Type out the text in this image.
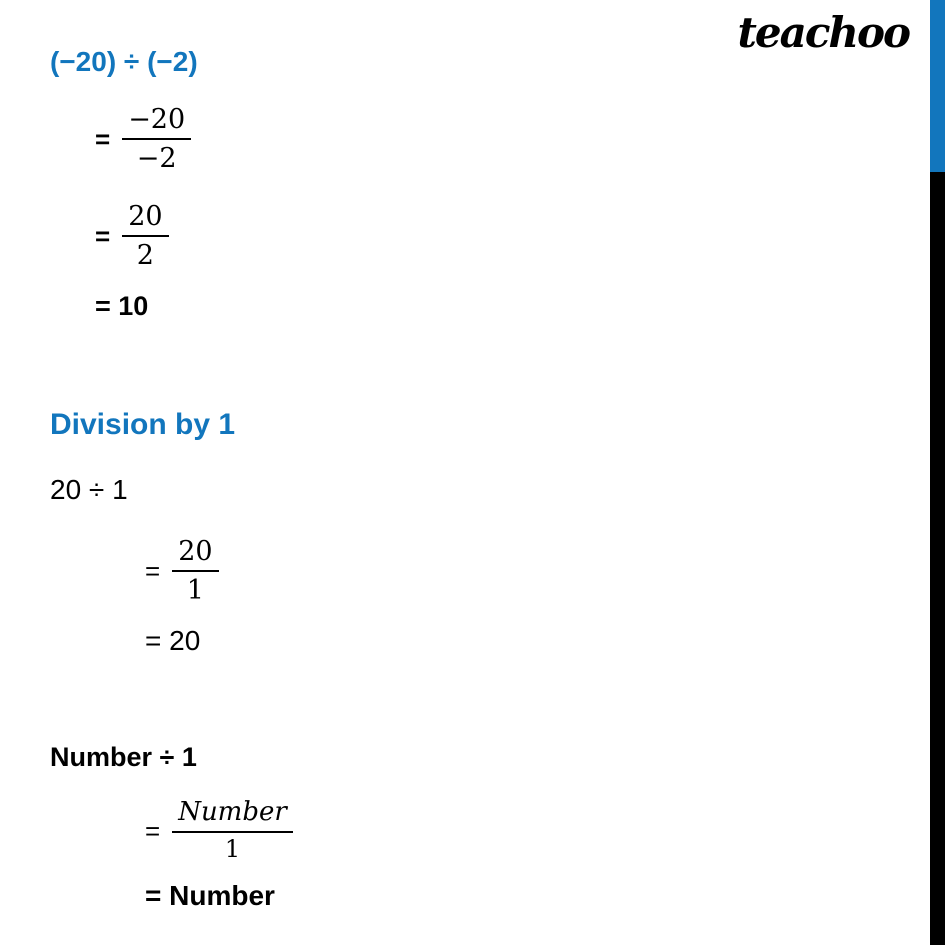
teachoo
(−20) ÷ (−2)
= $\frac{-20}{-2}$
= $\frac{20}{2}$
= 10
Division by 1
20 ÷ 1
= $\frac{20}{1}$
= 20
Number ÷ 1
= $\frac{\text{Number}}{1}$
= Number
